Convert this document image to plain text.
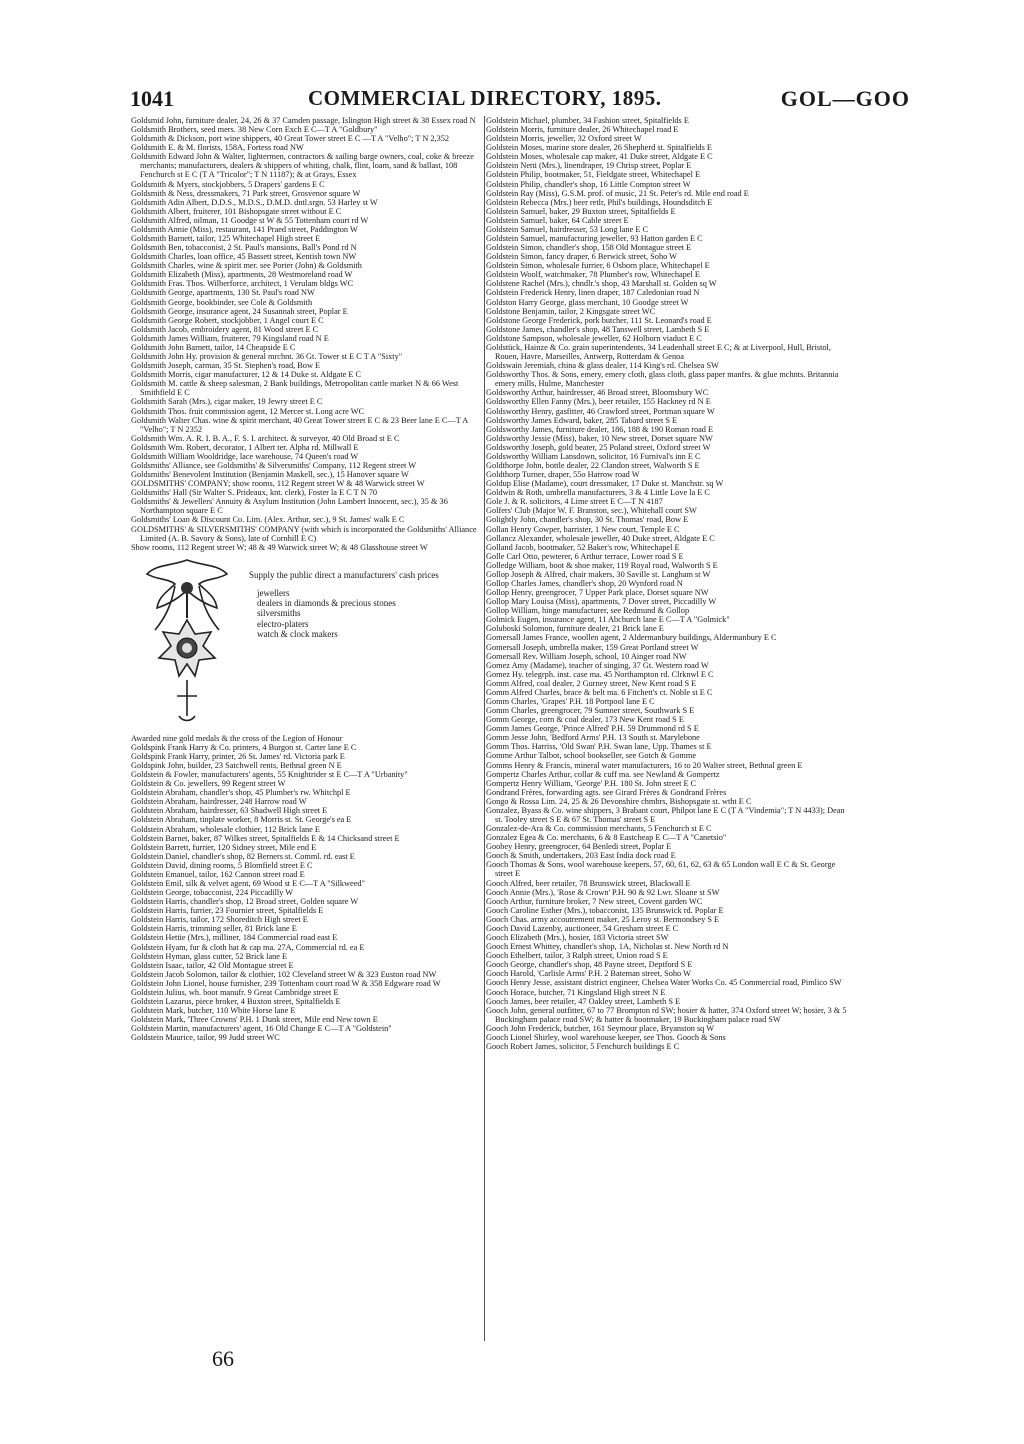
1041	COMMERCIAL DIRECTORY, 1895.	GOL—GOO

Goldsmid John, furniture dealer, 24, 26 & 37 Camden passage, Islington High street & 38 Essex road N

Goldsmith Brothers, seed mers. 38 New Corn Exch E C—T A "Goldbury"

Goldsmith & Dickson, port wine shippers, 40 Great Tower street E C —T A "Velho"; T N 2,352

Goldsmith E. & M. florists, 158A, Fortess road NW

Goldsmith Edward John & Walter, lightermen, contractors & sailing barge owners, coal, coke & breeze merchants; manufacturers, dealers & shippers of whiting, chalk, flint, loam, sand & ballast, 108 Fenchurch st E C (T A "Tricolor"; T N 11187); & at Grays, Essex

Goldsmith & Myers, stockjobbers, 5 Drapers' gardens E C

Goldsmith & Ness, dressmakers, 71 Park street, Grosvenor square W

Goldsmith Adin Albert, D.D.S., M.D.S., D.M.D. dntl.srgn. 53 Harley st W

Goldsmith Albert, fruiterer, 101 Bishopsgate street without E C

Goldsmith Alfred, oilman, 11 Goodge st W & 55 Tottenham court rd W

Goldsmith Annie (Miss), restaurant, 141 Praed street, Paddington W

Goldsmith Barnett, tailor, 125 Whitechapel High street E

Goldsmith Ben, tobacconist, 2 St. Paul's mansions, Ball's Pond rd N

Goldsmith Charles, loan office, 45 Bassett street, Kentish town NW

Goldsmith Charles, wine & spirit mer. see Porter (John) & Goldsmith

Goldsmith Elizabeth (Miss), apartments, 28 Westmoreland road W

Goldsmith Fras. Thos. Wilberforce, architect, 1 Verulam bldgs WC

Goldsmith George, apartments, 130 St. Paul's road NW

Goldsmith George, bookbinder, see Cole & Goldsmith

Goldsmith George, insurance agent, 24 Susannah street, Poplar E

Goldsmith George Robert, stockjobber, 1 Angel court E C

Goldsmith Jacob, embroidery agent, 81 Wood street E C

Goldsmith James William, fruiterer, 79 Kingsland road N E

Goldsmith John Barnett, tailor, 14 Cheapside E C

Goldsmith John Hy. provision & general mrchnt. 36 Gt. Tower st E C T A "Sixty"

Goldsmith Joseph, carman, 35 St. Stephen's road, Bow E

Goldsmith Morris, cigar manufacturer, 12 & 14 Duke st. Aldgate E C

Goldsmith M. cattle & sheep salesman, 2 Bank buildings, Metropolitan cattle market N & 66 West Smithfield E C

Goldsmith Sarah (Mrs.), cigar maker, 19 Jewry street E C

Goldsmith Thos. fruit commission agent, 12 Mercer st. Long acre WC

Goldsmith Walter Chas. wine & spirit merchant, 40 Great Tower street E C & 23 Beer lane E C—T A "Velho"; T N 2352

Goldsmith Wm. A. R. I. B. A., F. S. I. architect. & surveyor, 40 Old Broad st E C

Goldsmith Wm. Robert, decorator, 1 Albert ter. Alpha rd. Millwall E

Goldsmith William Wooldridge, lace warehouse, 74 Queen's road W

Goldsmiths' Alliance, see Goldsmiths' & Silversmiths' Company, 112 Regent street W

Goldsmiths' Benevolent Institution (Benjamin Maskell, sec.), 15 Hanover square W

GOLDSMITHS' COMPANY; show rooms, 112 Regent street W & 48 Warwick street W

Goldsmiths' Hall (Sir Walter S. Prideaux, knt. clerk), Foster la E C T N 70

Goldsmiths' & Jewellers' Annuity & Asylum Institution (John Lambert Innocent, sec.), 35 & 36 Northampton square E C

Goldsmiths' Loan & Discount Co. Lim. (Alex. Arthur, sec.), 9 St. James' walk E C

GOLDSMITHS' & SILVERSMITHS' COMPANY (with which is incorporated the Goldsmiths' Alliance Limited (A. B. Savory & Sons), late of Cornhill E C)

Show rooms, 112 Regent street W; 48 & 49 Warwick street W; & 48 Glasshouse street W

Supply the public direct a manufacturers' cash prices

jewellers

dealers in diamonds & precious stones

silversmiths

electro-platers

watch & clock makers

Awarded nine gold medals & the cross of the Legion of Honour

Goldspink Frank Harry & Co. printers, 4 Burgon st. Carter lane E C

Goldspink Frank Harry, printer, 26 St. James' rd. Victoria park E

Goldspink John, builder, 23 Satchwell rents, Bethnal green N E

Goldstein & Fowler, manufacturers' agents, 55 Knightrider st E C—T A "Urbanity"

Goldstein & Co. jewellers, 99 Regent street W

Goldstein Abraham, chandler's shop, 45 Plumber's rw. Whitchpl E

Goldstein Abraham, hairdresser, 248 Harrow road W

Goldstein Abraham, hairdresser, 63 Shadwell High street E

Goldstein Abraham, tinplate worker, 8 Morris st. St. George's ea E

Goldstein Abraham, wholesale clothier, 112 Brick lane E

Goldstein Barnet, baker, 87 Wilkes street, Spitalfields E & 14 Chicksand street E

Goldstein Barrett, furrier, 120 Sidney street, Mile end E

Goldstein Daniel, chandler's shop, 82 Berners st. Comml. rd. east E

Goldstein David, dining rooms, 5 Blomfield street E C

Goldstein Emanuel, tailor, 162 Cannon street road E

Goldstein Emil, silk & velvet agent, 69 Wood st E C—T A "Silkweed"

Goldstein George, tobacconist, 224 Piccadilly W

Goldstein Harris, chandler's shop, 12 Broad street, Golden square W

Goldstein Harris, furrier, 23 Fournier street, Spitalfields E

Goldstein Harris, tailor, 172 Shoreditch High street E

Goldstein Harris, trimming seller, 81 Brick lane E

Goldstein Hettie (Mrs.), milliner, 184 Commercial road east E

Goldstein Hyam, fur & cloth hat & cap ma. 27A, Commercial rd. ea E

Goldstein Hyman, glass cutter, 52 Brick lane E

Goldstein Isaac, tailor, 42 Old Montague street E

Goldstein Jacob Solomon, tailor & clothier, 102 Cleveland street W & 323 Euston road NW

Goldstein John Lionel, house furnisher, 239 Tottenham court road W & 358 Edgware road W

Goldstein Julius, wh. boot manufr. 9 Great Cambridge street E

Goldstein Lazarus, piece broker, 4 Buxton street, Spitalfields E

Goldstein Mark, butcher, 110 White Horse lane E

Goldstein Mark, 'Three Crowns' P.H. 1 Dunk street, Mile end New town E

Goldstein Martin, manufacturers' agent, 16 Old Change E C—T A "Goldstein"

Goldstein Maurice, tailor, 99 Judd street WC

Goldstein Michael, plumber, 34 Fashion street, Spitalfields E

Goldstein Morris, furniture dealer, 26 Whitechapel road E

Goldstein Morris, jeweller, 32 Oxford street W

Goldstein Moses, marine store dealer, 26 Shepherd st. Spitalfields E

Goldstein Moses, wholesale cap maker, 41 Duke street, Aldgate E C

Goldstein Netti (Mrs.), linendraper, 19 Chrisp street, Poplar E

Goldstein Philip, bootmaker, 51, Fieldgate street, Whitechapel E

Goldstein Philip, chandler's shop, 16 Little Compton street W

Goldstein Ray (Miss), G.S.M. prof. of music, 21 St. Peter's rd. Mile end road E

Goldstein Rebecca (Mrs.) beer retlr, Phil's buildings, Houndsditch E

Goldstein Samuel, baker, 29 Buxton street, Spitalfields E

Goldstein Samuel, baker, 64 Cable street E

Goldstein Samuel, hairdresser, 53 Long lane E C

Goldstein Samuel, manufacturing jeweller, 93 Hatton garden E C

Goldstein Simon, chandler's shop, 158 Old Montague street E

Goldstein Simon, fancy draper, 6 Berwick street, Soho W

Goldstein Simon, wholesale furrier, 6 Osborn place, Whitechapel E

Goldstein Woolf, watchmaker, 78 Plumber's row, Whitechapel E

Goldstene Rachel (Mrs.), chndlr.'s shop, 43 Marshall st. Golden sq W

Goldstein Frederick Henry, linen draper, 187 Caledonian road N

Goldston Harry George, glass merchant, 10 Goodge street W

Goldstone Benjamin, tailor, 2 Kingsgate street WC

Goldstone George Frederick, pork butcher, 111 St. Leonard's road E

Goldstone James, chandler's shop, 48 Tanswell street, Lambeth S E

Goldstone Sampson, wholesale jeweller, 62 Holborn viaduct E C

Goldstück, Hainze & Co. grain superintendents, 34 Leadenhall street E C; & at Liverpool, Hull, Bristol, Rouen, Havre, Marseilles, Antwerp, Rotterdam & Genoa

Goldswain Jeremiah, china & glass dealer, 114 King's rd. Chelsea SW

Goldsworthy Thos. & Sons, emery, emery cloth, glass cloth, glass paper manfrs. & glue mchnts. Britannia emery mills, Hulme, Manchester

Goldsworthy Arthur, hairdresser, 46 Broad street, Bloomsbury WC

Goldsworthy Ellen Fanny (Mrs.), beer retailer, 155 Hackney rd N E

Goldsworthy Henry, gasfitter, 46 Crawford street, Portman square W

Goldsworthy James Edward, baker, 285 Tabard street S E

Goldsworthy James, furniture dealer, 186, 188 & 190 Roman road E

Goldsworthy Jessie (Miss), baker, 10 New street, Dorset square NW

Goldsworthy Joseph, gold beater, 25 Poland street, Oxford street W

Goldsworthy William Lansdown, solicitor, 16 Furnival's inn E C

Goldthorpe John, bottle dealer, 22 Clandon street, Walworth S E

Goldthorp Turner, draper, 55o Harrow road W

Goldup Elise (Madame), court dressmaker, 17 Duke st. Manchstr. sq W

Goldwin & Roth, umbrella manufacturers, 3 & 4 Little Love la E C

Gole J. & R. solicitors, 4 Lime street E C—T N 4187

Golfers' Club (Major W. F. Branston, sec.), Whitehall court SW

Golightly John, chandler's shop, 30 St. Thomas' road, Bow E

Gollan Henry Cowper, barrister, 1 New court, Temple E C

Gollancz Alexander, wholesale jeweller, 40 Duke street, Aldgate E C

Golland Jacob, bootmaker, 52 Baker's row, Whitechapel E

Golle Carl Otto, pewterer, 6 Arthur terrace, Lower road S E

Golledge William, boot & shoe maker, 119 Royal road, Walworth S E

Gollop Joseph & Alfred, chair makers, 30 Saville st. Langham st W

Gollop Charles James, chandler's shop, 20 Wynford road N

Gollop Henry, greengrocer, 7 Upper Park place, Dorset square NW

Gollop Mary Louisa (Miss), apartments, 7 Dover street, Piccadilly W

Gollop William, hinge manufacturer, see Redmund & Gollop

Golmick Eugen, insurance agent, 11 Abchurch lane E C—T A "Golmick"

Goluboski Solomon, furniture dealer, 21 Brick lane E

Gomersall James France, woollen agent, 2 Aldermanbury buildings, Aldermanbury E C

Gomersall Joseph, umbrella maker, 159 Great Portland street W

Gomersall Rev. William Joseph, school, 10 Ainger road NW

Gomez Amy (Madame), teacher of singing, 37 Gt. Western road W

Gomez Hy. telegrph. inst. case ma. 45 Northampton rd. Clrknwl E C

Gomm Alfred, coal dealer, 2 Gurney street, New Kent road S E

Gomm Alfred Charles, brace & belt ma. 6 Fitchett's ct. Noble st E C

Gomm Charles, 'Grapes' P.H. 18 Portpool lane E C

Gomm Charles, greengrocer, 79 Sumner street, Southwark S E

Gomm George, corn & coal dealer, 173 New Kent road S E

Gomm James George, 'Prince Alfred' P.H. 59 Drummond rd S E

Gomm Jesse John, 'Bedford Arms' P.H. 13 South st. Marylebone

Gomm Thos. Harriss, 'Old Swan' P.H. Swan lane, Upp. Thames st E

Gomme Arthur Talbot, school bookseller, see Gotch & Gomme

Gomms Henry & Francis, mineral water manufacturers, 16 to 20 Walter street, Bethnal green E

Gompertz Charles Arthur, collar & cuff ma. see Newland & Gompertz

Gompertz Henry William, 'George' P.H. 180 St. John street E C

Gondrand Frères, forwarding agts. see Girard Frères & Gondrand Frères

Gongo & Rossa Lim. 24, 25 & 26 Devonshire chmbrs, Bishopsgate st. wtht E C

Gonzalez, Byass & Co. wine shippers, 3 Brabant court, Philpot lane E C (T A "Vindemia"; T N 4433); Dean st. Tooley street S E & 67 St. Thomas' street S E

Gonzalez-de-Ara & Co. commission merchants, 5 Fenchurch st E C

Gonzalez Egea & Co. merchants, 6 & 8 Eastcheap E C—T A "Canetsio"

Goobey Henry, greengrocer, 64 Benledi street, Poplar E

Gooch & Smith, undertakers, 203 East India dock road E

Gooch Thomas & Sons, wool warehouse keepers, 57, 60, 61, 62, 63 & 65 London wall E C & St. George street E

Gooch Alfred, beer retailer, 78 Brunswick street, Blackwall E

Gooch Annie (Mrs.), 'Rose & Crown' P.H. 90 & 92 Lwr. Sloane st SW

Gooch Arthur, furniture broker, 7 New street, Covent garden WC

Gooch Caroline Esther (Mrs.), tobacconist, 135 Brunswick rd. Poplar E

Gooch Chas. army accoutrement maker, 25 Leroy st. Bermondsey S E

Gooch David Lazenby, auctioneer, 54 Gresham street E C

Gooch Elizabeth (Mrs.), hosier, 183 Victoria street SW

Gooch Ernest Whittey, chandler's shop, 1A, Nicholas st. New North rd N

Gooch Ethelbert, tailor, 3 Ralph street, Union road S E

Gooch George, chandler's shop, 48 Payne street, Deptford S E

Gooch Harold, 'Carlisle Arms' P.H. 2 Bateman street, Soho W

Gooch Henry Jesse, assistant district engineer, Chelsea Water Works Co. 45 Commercial road, Pimlico SW

Gooch Horace, butcher, 71 Kingsland High street N E

Gooch James, beer retailer, 47 Oakley street, Lambeth S E

Gooch John, general outfitter, 67 to 77 Brompton rd SW; hosier & hatter, 374 Oxford street W; hosier, 3 & 5 Buckingham palace road SW; & hatter & bootmaker, 19 Buckingham palace road SW

Gooch John Frederick, butcher, 161 Seymour place, Bryanston sq W

Gooch Lionel Shirley, wool warehouse keeper, see Thos. Gooch & Sons

Gooch Robert James, solicitor, 5 Fenchurch buildings E C

66
